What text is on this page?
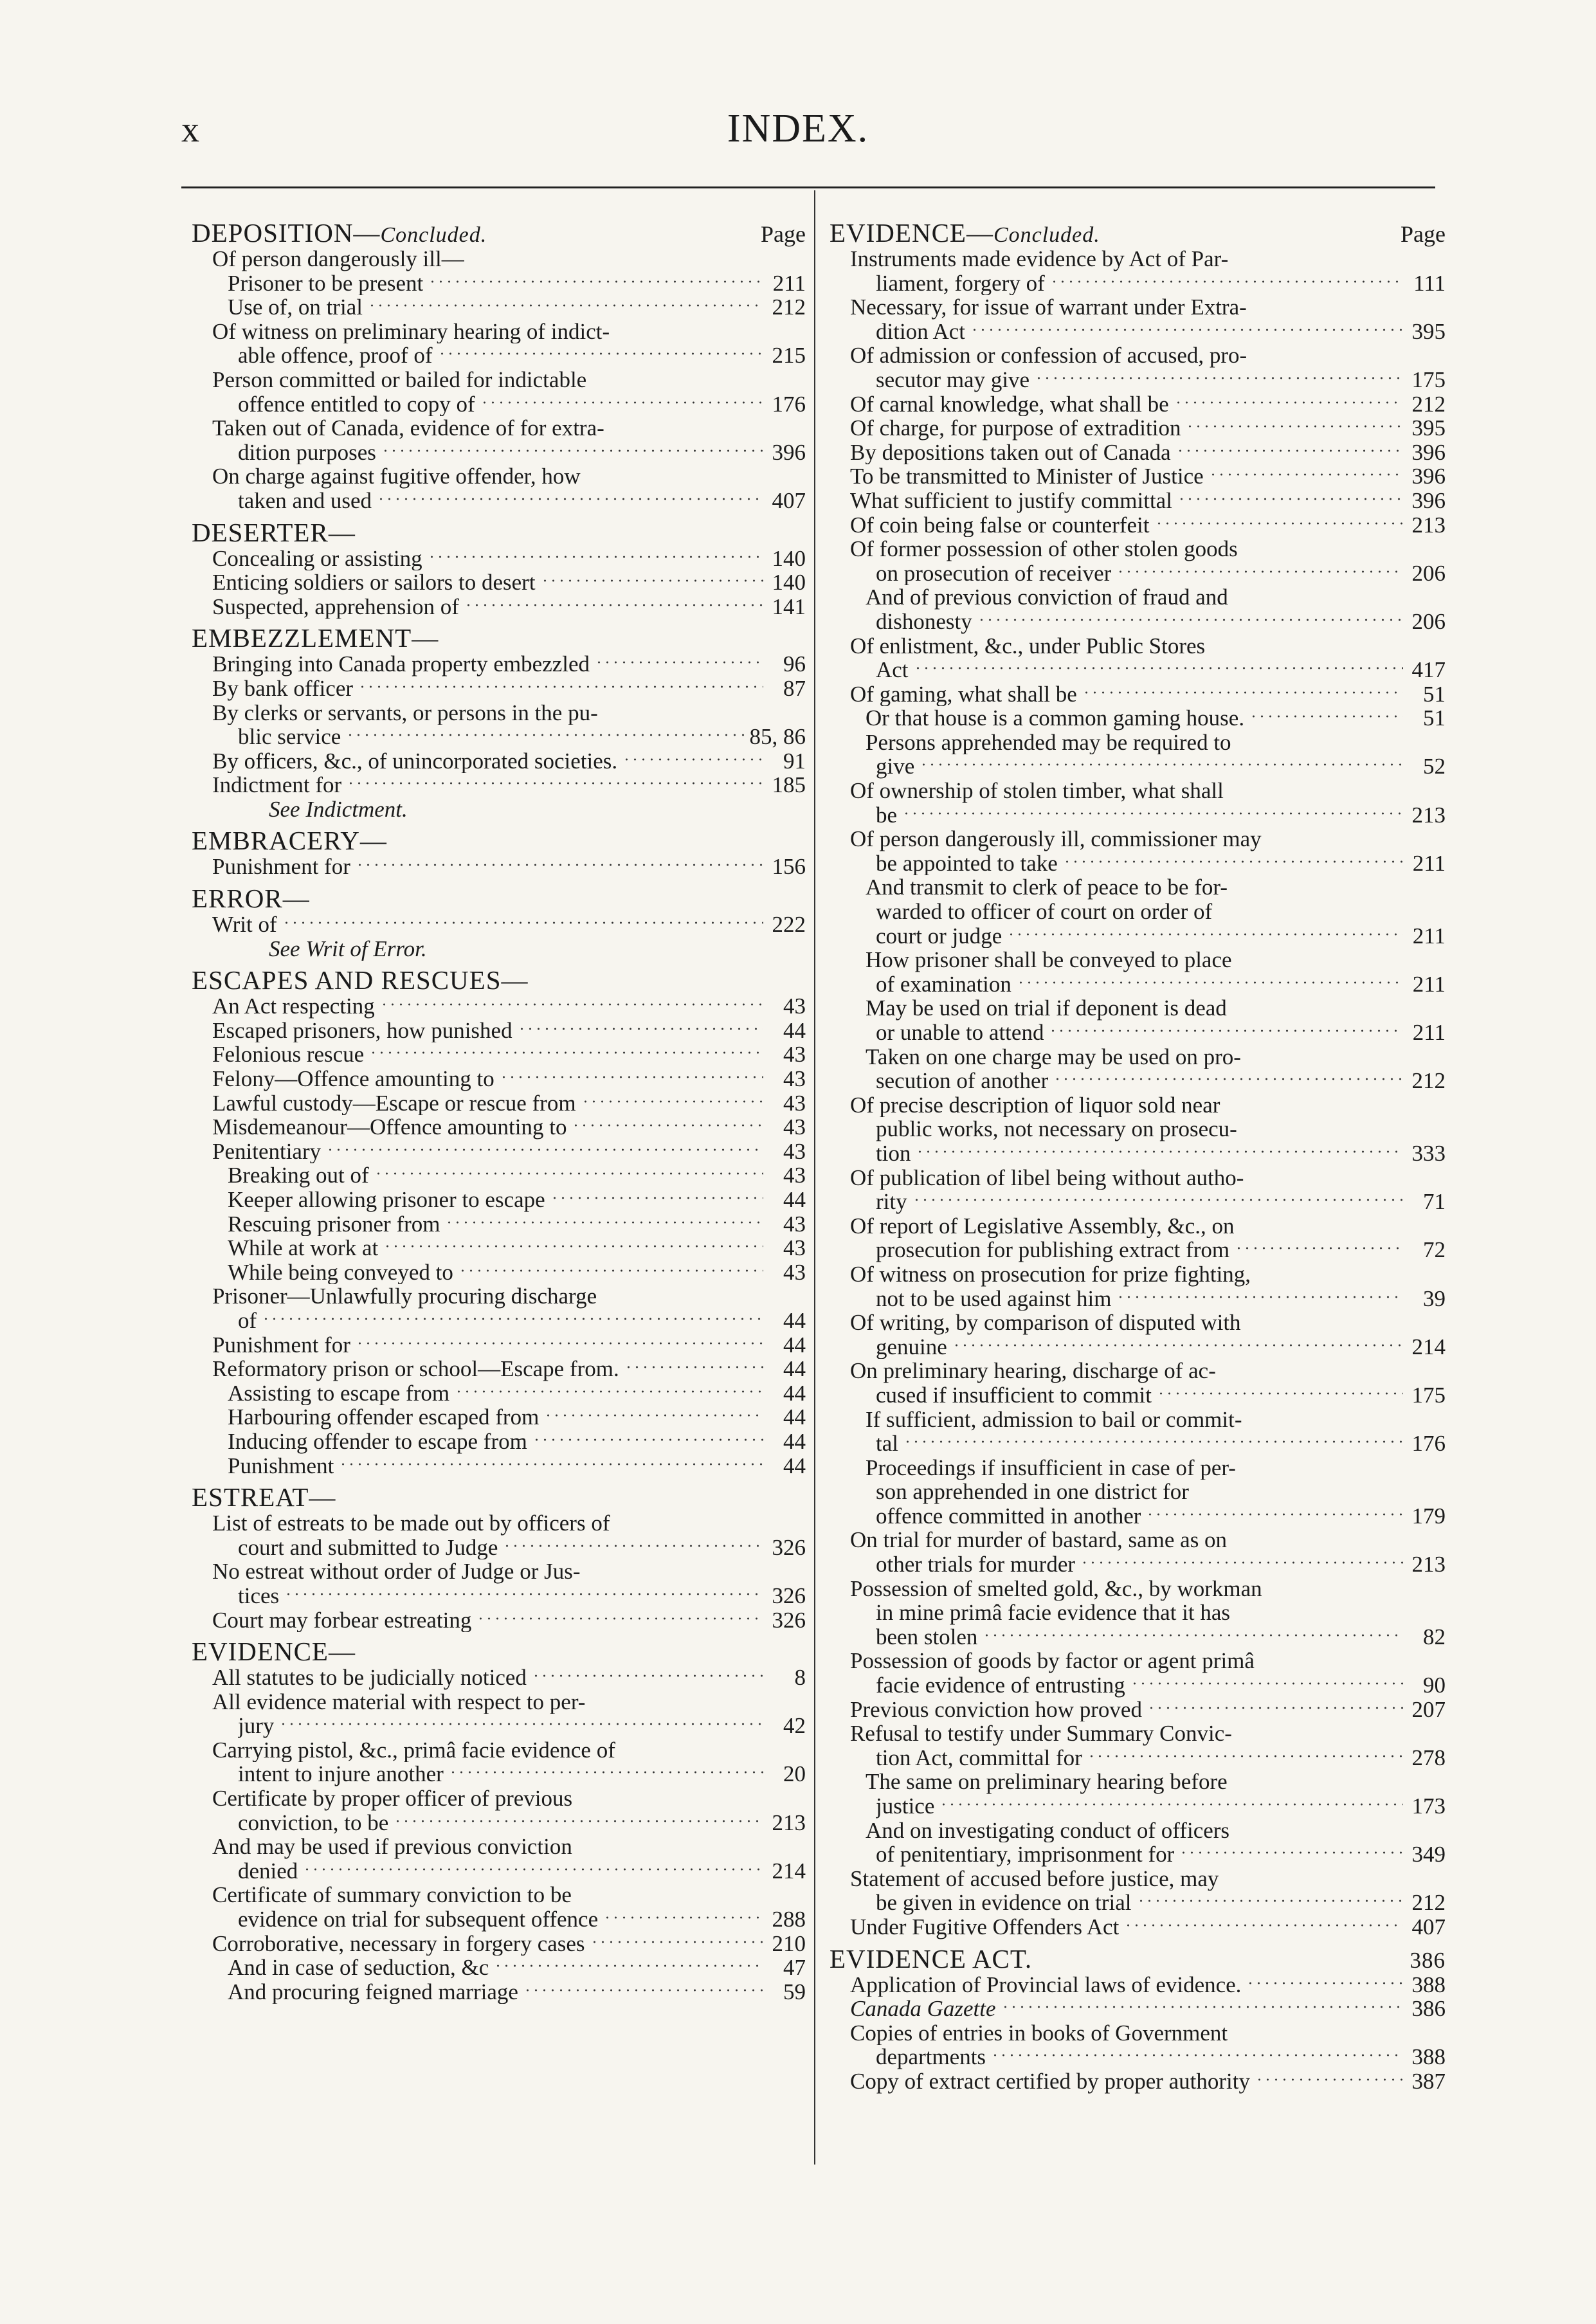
x	INDEX.
DEPOSITION—Concluded.	Page
Of person dangerously ill—
Prisoner to be present	211
Use of, on trial	212
Of witness on preliminary hearing of indict-
able offence, proof of	215
Person committed or bailed for indictable
offence entitled to copy of	176
Taken out of Canada, evidence of for extra-
dition purposes	396
On charge against fugitive offender, how
taken and used	407
DESERTER—
Concealing or assisting	140
Enticing soldiers or sailors to desert	140
Suspected, apprehension of	141
EMBEZZLEMENT—
Bringing into Canada property embezzled	96
By bank officer	87
By clerks or servants, or persons in the pu-
blic service	85, 86
By officers, &c., of unincorporated societies.	91
Indictment for	185
See Indictment.
EMBRACERY—
Punishment for	156
ERROR—
Writ of	222
See Writ of Error.
ESCAPES AND RESCUES—
An Act respecting	43
Escaped prisoners, how punished	44
Felonious rescue	43
Felony—Offence amounting to	43
Lawful custody—Escape or rescue from	43
Misdemeanour—Offence amounting to	43
Penitentiary	43
Breaking out of	43
Keeper allowing prisoner to escape	44
Rescuing prisoner from	43
While at work at	43
While being conveyed to	43
Prisoner—Unlawfully procuring discharge
of	44
Punishment for	44
Reformatory prison or school—Escape from.	44
Assisting to escape from	44
Harbouring offender escaped from	44
Inducing offender to escape from	44
Punishment	44
ESTREAT—
List of estreats to be made out by officers of
court and submitted to Judge	326
No estreat without order of Judge or Jus-
tices	326
Court may forbear estreating	326
EVIDENCE—
All statutes to be judicially noticed	8
All evidence material with respect to per-
jury	42
Carrying pistol, &c., primâ facie evidence of
intent to injure another	20
Certificate by proper officer of previous
conviction, to be	213
And may be used if previous conviction
denied	214
Certificate of summary conviction to be
evidence on trial for subsequent offence	288
Corroborative, necessary in forgery cases	210
And in case of seduction, &c	47
And procuring feigned marriage	59
EVIDENCE—Concluded.	Page
Instruments made evidence by Act of Par-
liament, forgery of	111
Necessary, for issue of warrant under Extra-
dition Act	395
Of admission or confession of accused, pro-
secutor may give	175
Of carnal knowledge, what shall be	212
Of charge, for purpose of extradition	395
By depositions taken out of Canada	396
To be transmitted to Minister of Justice	396
What sufficient to justify committal	396
Of coin being false or counterfeit	213
Of former possession of other stolen goods
on prosecution of receiver	206
And of previous conviction of fraud and
dishonesty	206
Of enlistment, &c., under Public Stores
Act	417
Of gaming, what shall be	51
Or that house is a common gaming house.	51
Persons apprehended may be required to
give	52
Of ownership of stolen timber, what shall
be	213
Of person dangerously ill, commissioner may
be appointed to take	211
And transmit to clerk of peace to be for-
warded to officer of court on order of
court or judge	211
How prisoner shall be conveyed to place
of examination	211
May be used on trial if deponent is dead
or unable to attend	211
Taken on one charge may be used on pro-
secution of another	212
Of precise description of liquor sold near
public works, not necessary on prosecu-
tion	333
Of publication of libel being without autho-
rity	71
Of report of Legislative Assembly, &c., on
prosecution for publishing extract from	72
Of witness on prosecution for prize fighting,
not to be used against him	39
Of writing, by comparison of disputed with
genuine	214
On preliminary hearing, discharge of ac-
cused if insufficient to commit	175
If sufficient, admission to bail or commit-
tal	176
Proceedings if insufficient in case of per-
son apprehended in one district for
offence committed in another	179
On trial for murder of bastard, same as on
other trials for murder	213
Possession of smelted gold, &c., by workman
in mine primâ facie evidence that it has
been stolen	82
Possession of goods by factor or agent primâ
facie evidence of entrusting	90
Previous conviction how proved	207
Refusal to testify under Summary Convic-
tion Act, committal for	278
The same on preliminary hearing before
justice	173
And on investigating conduct of officers
of penitentiary, imprisonment for	349
Statement of accused before justice, may
be given in evidence on trial	212
Under Fugitive Offenders Act	407
EVIDENCE ACT.	386
Application of Provincial laws of evidence.	388
Canada Gazette	386
Copies of entries in books of Government
departments	388
Copy of extract certified by proper authority	387
